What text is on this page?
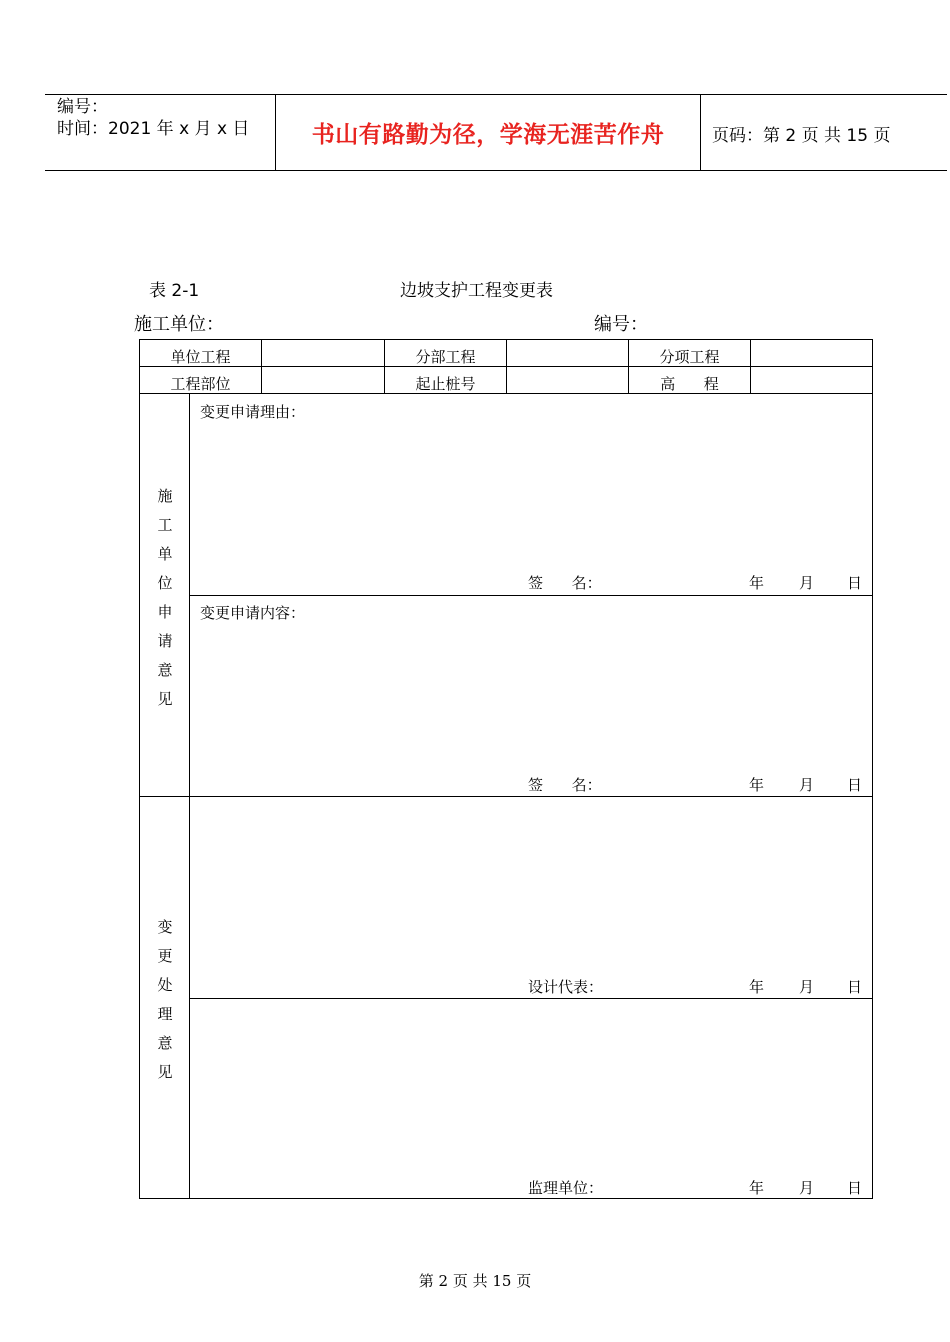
编号：
时间：2021 年 x 月 x 日	书山有路勤为径，学海无涯苦作舟	页码：第 2 页 共 15 页
表 2-1	边坡支护工程变更表
施工单位：	编号：
单位工程	分部工程	分项工程
工程部位	起止桩号	高      程
施
工
单
位
申
请
意
见
变更申请理由：
签      名：	年 月 日
变更申请内容：
签      名：	年 月 日
变
更
处
理
意
见
设计代表：	年 月 日
监理单位：	年 月 日
第 2 页 共 15 页
